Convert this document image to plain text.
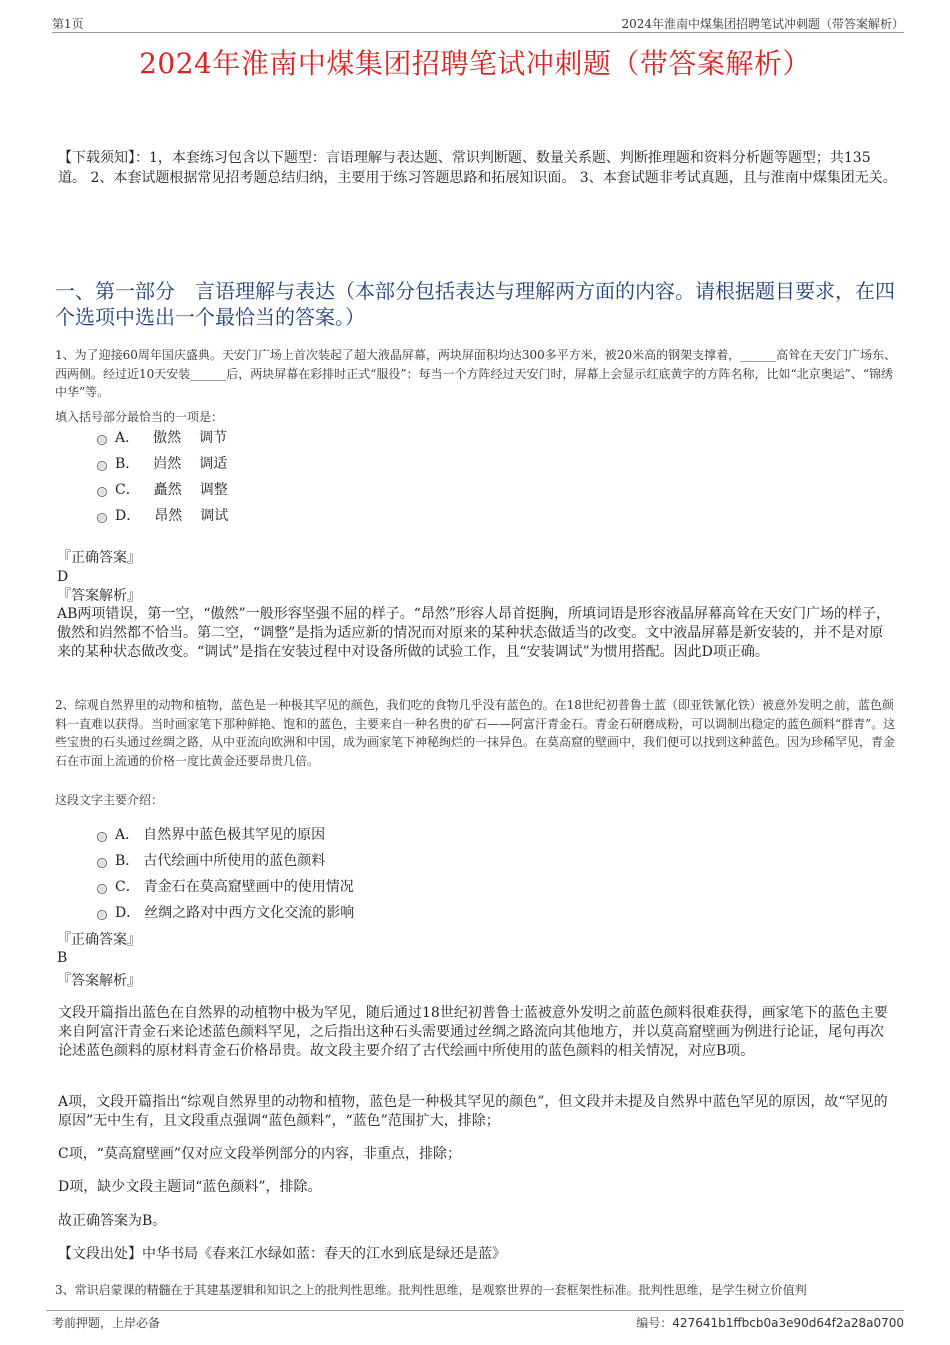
第1页	2024年淮南中煤集团招聘笔试冲刺题（带答案解析）
2024年淮南中煤集团招聘笔试冲刺题（带答案解析）
【下载须知】：1，本套练习包含以下题型：言语理解与表达题、常识判断题、数量关系题、判断推理题和资料分析题等题型；共135道。 2、本套试题根据常见招考题总结归纳，主要用于练习答题思路和拓展知识面。 3、本套试题非考试真题，且与淮南中煤集团无关。
一、第一部分　言语理解与表达（本部分包括表达与理解两方面的内容。请根据题目要求，在四个选项中选出一个最恰当的答案。）
1、为了迎接60周年国庆盛典。天安门广场上首次装起了超大液晶屏幕，两块屏面积均达300多平方米，被20米高的钢架支撑着，______高耸在天安门广场东、西两侧。经过近10天安装______后，两块屏幕在彩排时正式“服役”：每当一个方阵经过天安门时，屏幕上会显示红底黄字的方阵名称，比如“北京奥运”、“锦绣中华”等。
填入括号部分最恰当的一项是：
A． 傲然 调节
B． 岿然 调适
C． 矗然 调整
D． 昂然 调试
『正确答案』
D
『答案解析』
AB两项错误，第一空，“傲然”一般形容坚强不屈的样子。“昂然”形容人昂首挺胸，所填词语是形容液晶屏幕高耸在天安门广场的样子，傲然和岿然都不恰当。第二空，“调整”是指为适应新的情况而对原来的某种状态做适当的改变。文中液晶屏幕是新安装的，并不是对原来的某种状态做改变。“调试”是指在安装过程中对设备所做的试验工作，且“安装调试”为惯用搭配。因此D项正确。
2、综观自然界里的动物和植物，蓝色是一种极其罕见的颜色，我们吃的食物几乎没有蓝色的。在18世纪初普鲁士蓝（即亚铁氰化铁）被意外发明之前，蓝色颜料一直难以获得。当时画家笔下那种鲜艳、饱和的蓝色，主要来自一种名贵的矿石——阿富汗青金石。青金石研磨成粉，可以调制出稳定的蓝色颜料“群青”。这些宝贵的石头通过丝绸之路，从中亚流向欧洲和中国，成为画家笔下神秘绚烂的一抹异色。在莫高窟的壁画中，我们便可以找到这种蓝色。因为珍稀罕见，青金石在市面上流通的价格一度比黄金还要昂贵几倍。
这段文字主要介绍：
A． 自然界中蓝色极其罕见的原因
B． 古代绘画中所使用的蓝色颜料
C． 青金石在莫高窟壁画中的使用情况
D． 丝绸之路对中西方文化交流的影响
『正确答案』
B
『答案解析』
文段开篇指出蓝色在自然界的动植物中极为罕见，随后通过18世纪初普鲁士蓝被意外发明之前蓝色颜料很难获得，画家笔下的蓝色主要来自阿富汗青金石来论述蓝色颜料罕见，之后指出这种石头需要通过丝绸之路流向其他地方，并以莫高窟壁画为例进行论证，尾句再次论述蓝色颜料的原材料青金石价格昂贵。故文段主要介绍了古代绘画中所使用的蓝色颜料的相关情况，对应B项。
A项，文段开篇指出“综观自然界里的动物和植物，蓝色是一种极其罕见的颜色”，但文段并未提及自然界中蓝色罕见的原因，故“罕见的原因”无中生有，且文段重点强调“蓝色颜料”，“蓝色”范围扩大，排除；
C项，“莫高窟壁画”仅对应文段举例部分的内容，非重点，排除；
D项，缺少文段主题词“蓝色颜料”，排除。
故正确答案为B。
【文段出处】中华书局《春来江水绿如蓝：春天的江水到底是绿还是蓝》
3、常识启蒙课的精髓在于其建基逻辑和知识之上的批判性思维。批判性思维，是观察世界的一套框架性标准。批判性思维，是学生树立价值判
考前押题，上岸必备	编号：427641b1ffbcb0a3e90d64f2a28a0700
